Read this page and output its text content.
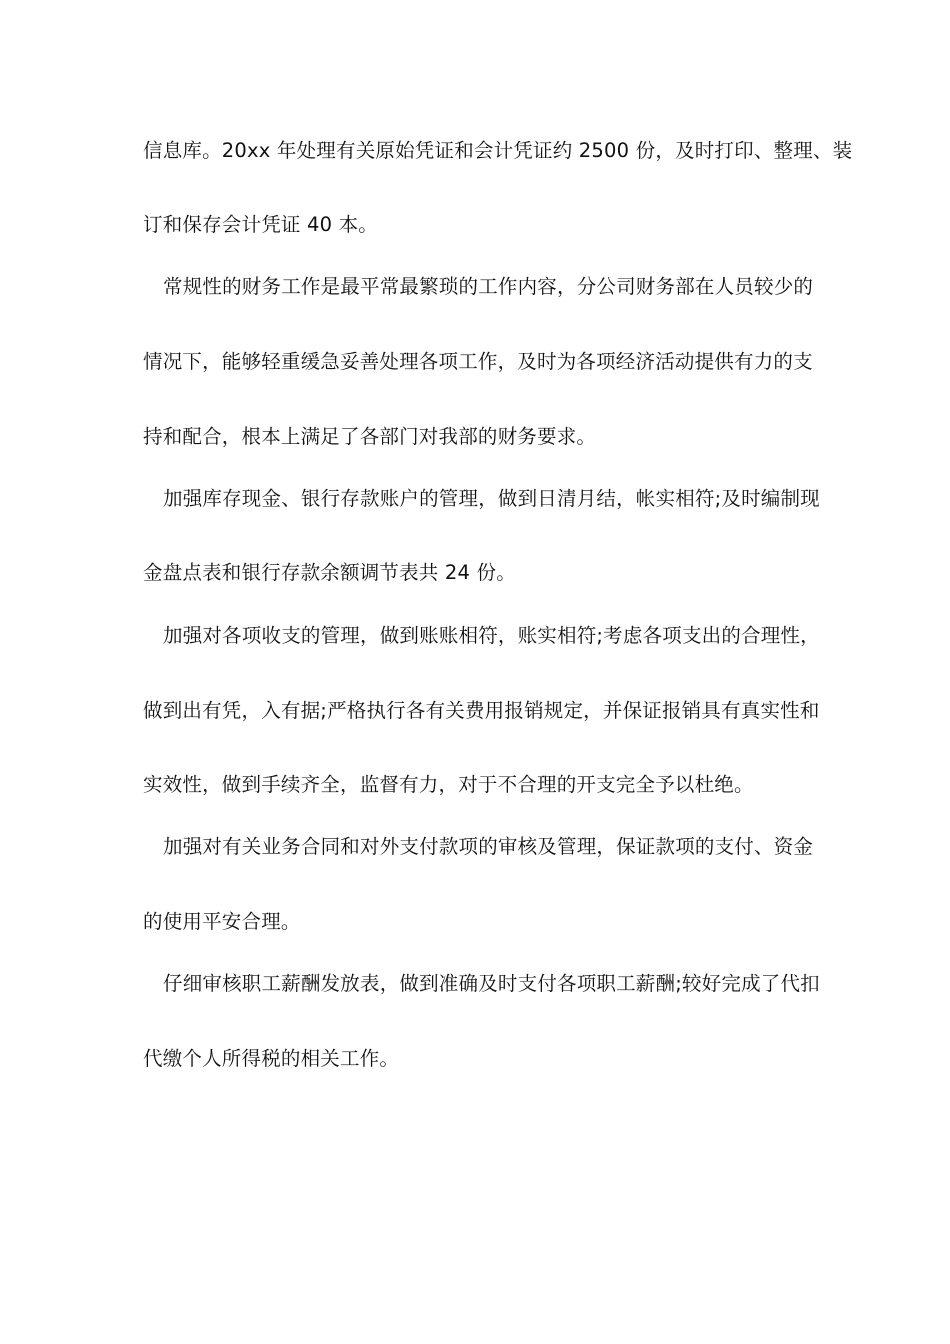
信息库。20xx 年处理有关原始凭证和会计凭证约 2500 份，及时打印、整理、装
订和保存会计凭证 40 本。
常规性的财务工作是最平常最繁琐的工作内容，分公司财务部在人员较少的
情况下，能够轻重缓急妥善处理各项工作，及时为各项经济活动提供有力的支
持和配合，根本上满足了各部门对我部的财务要求。
加强库存现金、银行存款账户的管理，做到日清月结，帐实相符;及时编制现
金盘点表和银行存款余额调节表共 24 份。
加强对各项收支的管理，做到账账相符，账实相符;考虑各项支出的合理性，
做到出有凭，入有据;严格执行各有关费用报销规定，并保证报销具有真实性和
实效性，做到手续齐全，监督有力，对于不合理的开支完全予以杜绝。
加强对有关业务合同和对外支付款项的审核及管理，保证款项的支付、资金
的使用平安合理。
仔细审核职工薪酬发放表，做到准确及时支付各项职工薪酬;较好完成了代扣
代缴个人所得税的相关工作。
